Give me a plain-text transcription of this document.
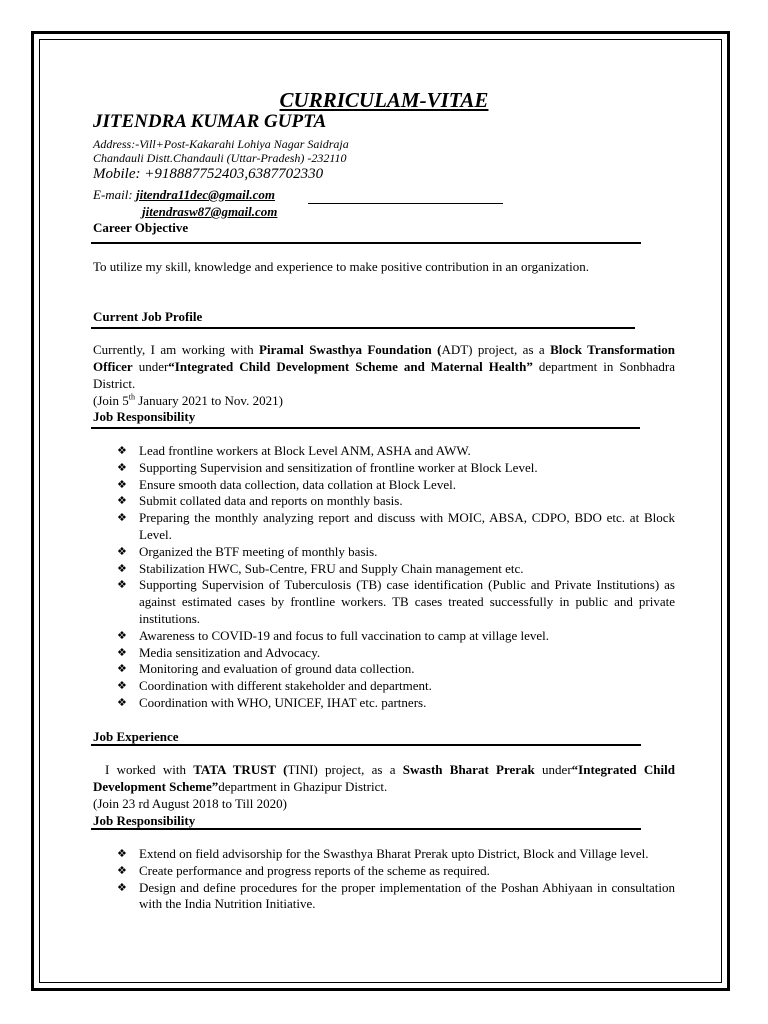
CURRICULAM-VITAE
JITENDRA KUMAR GUPTA
Address:-Vill+Post-Kakarahi Lohiya Nagar Saidraja
Chandauli Distt.Chandauli (Uttar-Pradesh) -232110
Mobile: +918887752403,6387702330
E-mail: jitendra11dec@gmail.com
jitendrasw87@gmail.com
Career Objective
To utilize my skill, knowledge and experience to make positive contribution in an organization.
Current Job Profile
Currently, I am working with Piramal Swasthya Foundation (ADT) project, as a Block Transformation Officer under“Integrated Child Development Scheme and Maternal Health” department in Sonbhadra District.
(Join 5th January 2021 to Nov. 2021)
Job Responsibility
❖ Lead frontline workers at Block Level ANM, ASHA and AWW.
❖ Supporting Supervision and sensitization of frontline worker at Block Level.
❖ Ensure smooth data collection, data collation at Block Level.
❖ Submit collated data and reports on monthly basis.
❖ Preparing the monthly analyzing report and discuss with MOIC, ABSA, CDPO, BDO etc. at Block Level.
❖ Organized the BTF meeting of monthly basis.
❖ Stabilization HWC, Sub-Centre, FRU and Supply Chain management etc.
❖ Supporting Supervision of Tuberculosis (TB) case identification (Public and Private Institutions) as against estimated cases by frontline workers. TB cases treated successfully in public and private institutions.
❖ Awareness to COVID-19 and focus to full vaccination to camp at village level.
❖ Media sensitization and Advocacy.
❖ Monitoring and evaluation of ground data collection.
❖ Coordination with different stakeholder and department.
❖ Coordination with WHO, UNICEF, IHAT etc. partners.
Job Experience
I worked with TATA TRUST (TINI) project, as a Swasth Bharat Prerak under“Integrated Child Development Scheme”department in Ghazipur District.
(Join 23 rd August 2018 to Till 2020)
Job Responsibility
❖ Extend on field advisorship for the Swasthya Bharat Prerak upto District, Block and Village level.
❖ Create performance and progress reports of the scheme as required.
❖ Design and define procedures for the proper implementation of the Poshan Abhiyaan in consultation with the India Nutrition Initiative.
